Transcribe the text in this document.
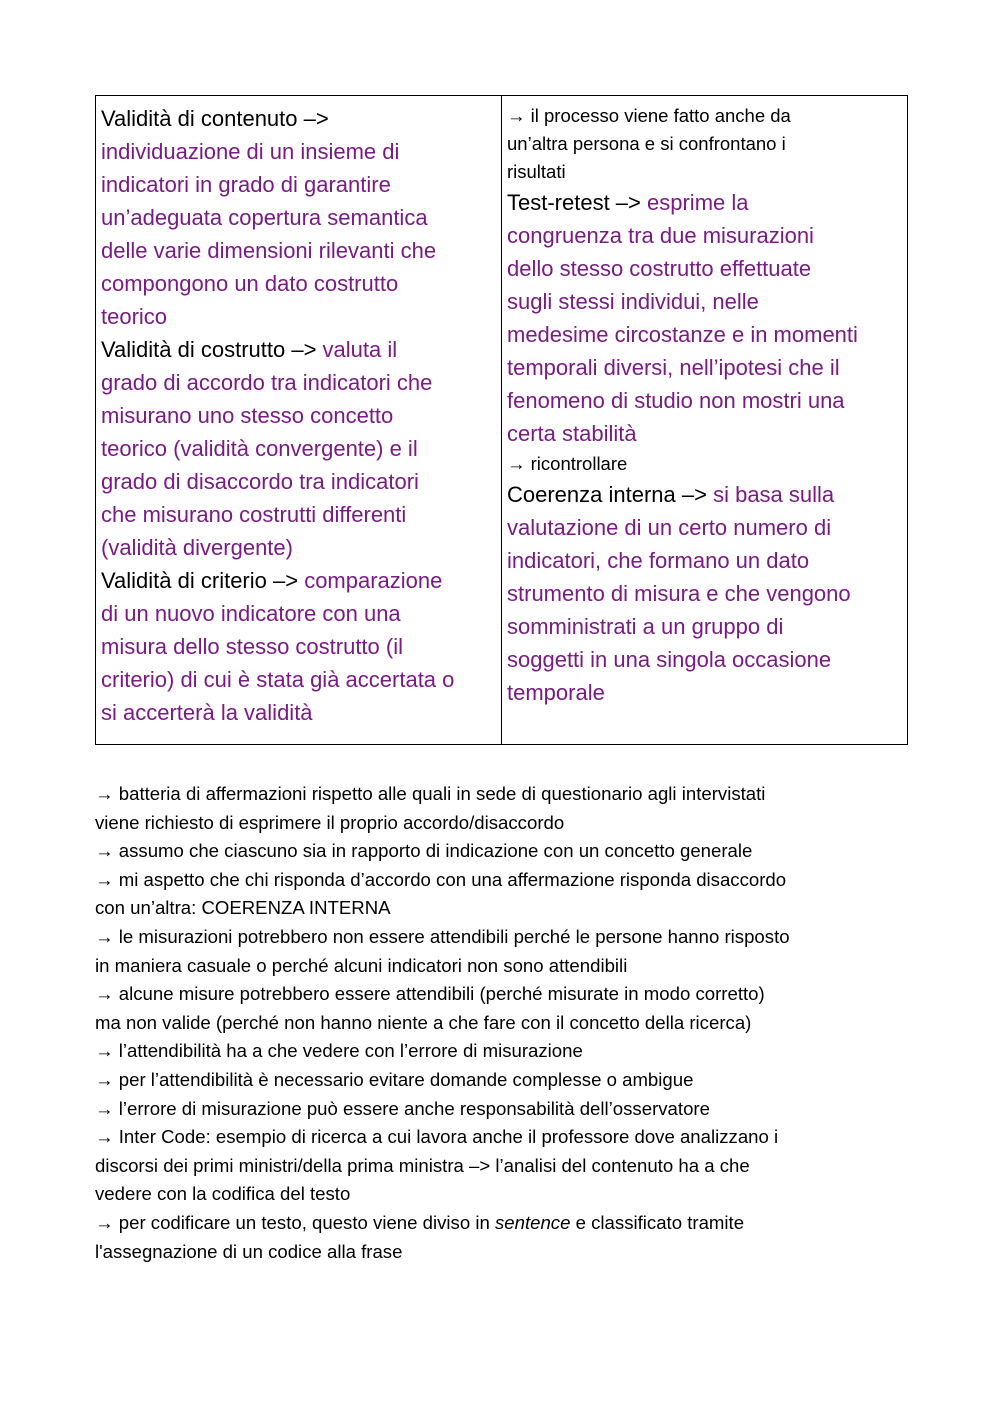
Validità di contenuto –>
individuazione di un insieme di
indicatori in grado di garantire
un’adeguata copertura semantica
delle varie dimensioni rilevanti che
compongono un dato costrutto
teorico
Validità di costrutto –> valuta il
grado di accordo tra indicatori che
misurano uno stesso concetto
teorico (validità convergente) e il
grado di disaccordo tra indicatori
che misurano costrutti differenti
(validità divergente)
Validità di criterio –> comparazione
di un nuovo indicatore con una
misura dello stesso costrutto (il
criterio) di cui è stata già accertata o
si accerterà la validità

→ il processo viene fatto anche da
un’altra persona e si confrontano i
risultati
Test-retest –> esprime la
congruenza tra due misurazioni
dello stesso costrutto effettuate
sugli stessi individui, nelle
medesime circostanze e in momenti
temporali diversi, nell’ipotesi che il
fenomeno di studio non mostri una
certa stabilità
→ ricontrollare
Coerenza interna –> si basa sulla
valutazione di un certo numero di
indicatori, che formano un dato
strumento di misura e che vengono
somministrati a un gruppo di
soggetti in una singola occasione
temporale

→ batteria di affermazioni rispetto alle quali in sede di questionario agli intervistati

viene richiesto di esprimere il proprio accordo/disaccordo

→ assumo che ciascuno sia in rapporto di indicazione con un concetto generale

→ mi aspetto che chi risponda d’accordo con una affermazione risponda disaccordo

con un’altra: COERENZA INTERNA

→ le misurazioni potrebbero non essere attendibili perché le persone hanno risposto

in maniera casuale o perché alcuni indicatori non sono attendibili

→ alcune misure potrebbero essere attendibili (perché misurate in modo corretto)

ma non valide (perché non hanno niente a che fare con il concetto della ricerca)

→ l’attendibilità ha a che vedere con l’errore di misurazione

→ per l’attendibilità è necessario evitare domande complesse o ambigue

→ l’errore di misurazione può essere anche responsabilità dell’osservatore

→ Inter Code: esempio di ricerca a cui lavora anche il professore dove analizzano i

discorsi dei primi ministri/della prima ministra –> l’analisi del contenuto ha a che

vedere con la codifica del testo

→ per codificare un testo, questo viene diviso in sentence e classificato tramite

l'assegnazione di un codice alla frase
